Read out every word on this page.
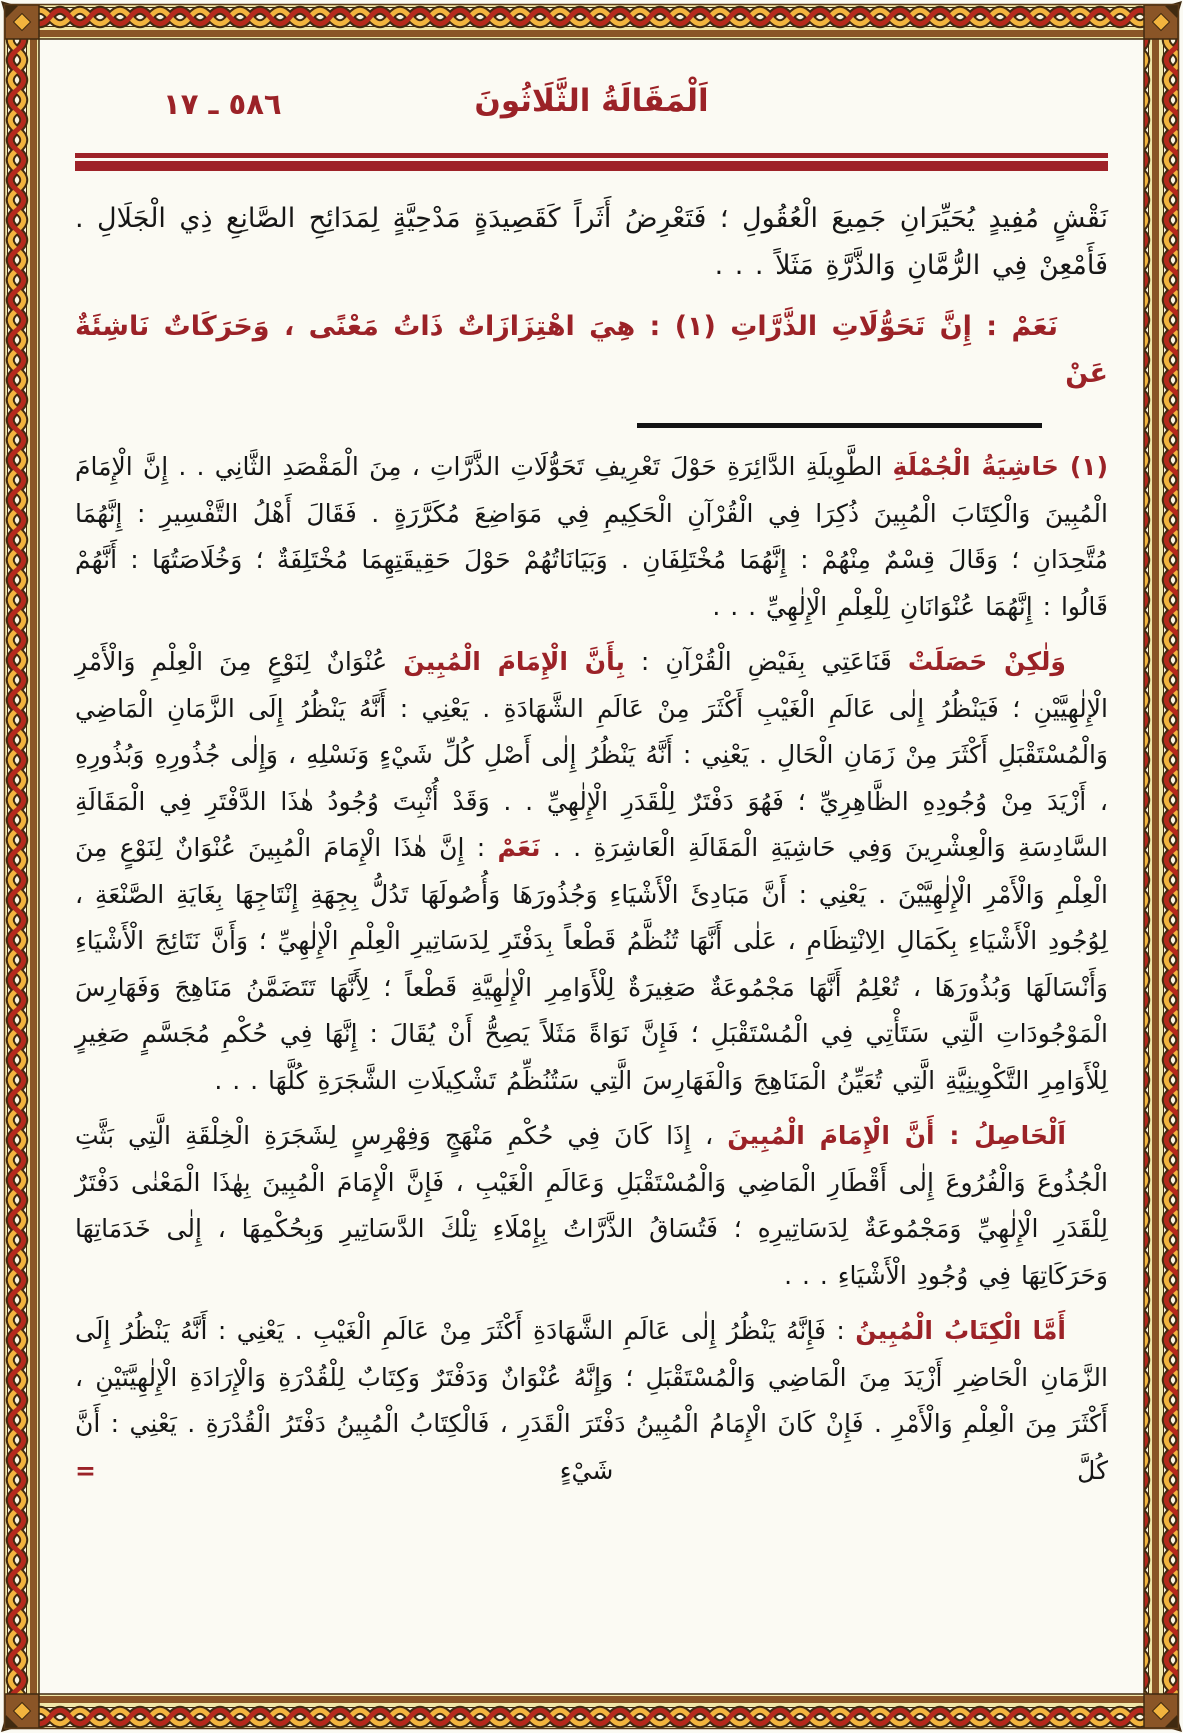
٥٨٦ ـ ١٧	اَلْمَقَالَةُ الثَّلَاثُونَ

نَقْشٍ مُفِيدٍ يُحَيِّرَانِ جَمِيعَ الْعُقُولِ ؛ فَتَعْرِضُ أَثَراً كَقَصِيدَةٍ مَدْحِيَّةٍ لِمَدَائِحِ الصَّانِعِ ذِي الْجَلَالِ . فَأَمْعِنْ فِي الرُّمَّانِ وَالذَّرَّةِ مَثَلاً . . .

نَعَمْ : إِنَّ تَحَوُّلَاتِ الذَّرَّاتِ (١) : هِيَ اهْتِزَازَاتٌ ذَاتُ مَعْنًى ، وَحَرَكَاتٌ نَاشِئَةٌ عَنْ

(١) حَاشِيَةُ الْجُمْلَةِ الطَّوِيلَةِ الدَّائِرَةِ حَوْلَ تَعْرِيفِ تَحَوُّلَاتِ الذَّرَّاتِ ، مِنَ الْمَقْصَدِ الثَّانِي . . إِنَّ الْإِمَامَ الْمُبِينَ وَالْكِتَابَ الْمُبِينَ ذُكِرَا فِي الْقُرْآنِ الْحَكِيمِ فِي مَوَاضِعَ مُكَرَّرَةٍ . فَقَالَ أَهْلُ التَّفْسِيرِ : إِنَّهُمَا مُتَّحِدَانِ ؛ وَقَالَ قِسْمٌ مِنْهُمْ : إِنَّهُمَا مُخْتَلِفَانِ . وَبَيَانَاتُهُمْ حَوْلَ حَقِيقَتِهِمَا مُخْتَلِفَةٌ ؛ وَخُلَاصَتُهَا : أَنَّهُمْ قَالُوا : إِنَّهُمَا عُنْوَانَانِ لِلْعِلْمِ الْإِلٰهِيِّ . . .

وَلٰكِنْ حَصَلَتْ قَنَاعَتِي بِفَيْضِ الْقُرْآنِ : بِأَنَّ الْإِمَامَ الْمُبِينَ عُنْوَانٌ لِنَوْعٍ مِنَ الْعِلْمِ وَالْأَمْرِ الْإِلٰهِيَّيْنِ ؛ فَيَنْظُرُ إِلٰى عَالَمِ الْغَيْبِ أَكْثَرَ مِنْ عَالَمِ الشَّهَادَةِ . يَعْنِي : أَنَّهُ يَنْظُرُ إِلَى الزَّمَانِ الْمَاضِي وَالْمُسْتَقْبَلِ أَكْثَرَ مِنْ زَمَانِ الْحَالِ . يَعْنِي : أَنَّهُ يَنْظُرُ إِلٰى أَصْلِ كُلِّ شَيْءٍ وَنَسْلِهِ ، وَإِلٰى جُذُورِهِ وَبُذُورِهِ ، أَزْيَدَ مِنْ وُجُودِهِ الظَّاهِرِيِّ ؛ فَهُوَ دَفْتَرٌ لِلْقَدَرِ الْإِلٰهِيِّ . . وَقَدْ أُثْبِتَ وُجُودُ هٰذَا الدَّفْتَرِ فِي الْمَقَالَةِ السَّادِسَةِ وَالْعِشْرِينَ وَفِي حَاشِيَةِ الْمَقَالَةِ الْعَاشِرَةِ . . نَعَمْ : إِنَّ هٰذَا الْإِمَامَ الْمُبِينَ عُنْوَانٌ لِنَوْعٍ مِنَ الْعِلْمِ وَالْأَمْرِ الْإِلٰهِيَّيْنَ . يَعْنِي : أَنَّ مَبَادِئَ الْأَشْيَاءِ وَجُذُورَهَا وَأُصُولَهَا تَدُلُّ بِجِهَةِ إِنْتَاجِهَا بِغَايَةِ الصَّنْعَةِ ، لِوُجُودِ الْأَشْيَاءِ بِكَمَالِ الِانْتِظَامِ ، عَلٰى أَنَّهَا تُنُظَّمُ قَطْعاً بِدَفْتَرِ لِدَسَاتِيرِ الْعِلْمِ الْإِلٰهِيِّ ؛ وَأَنَّ نَتَائِجَ الْأَشْيَاءِ وَأَنْسَالَهَا وَبُذُورَهَا ، تُعْلِمُ أَنَّهَا مَجْمُوعَةٌ صَغِيرَةٌ لِلْأَوَامِرِ الْإِلٰهِيَّةِ قَطْعاً ؛ لِأَنَّهَا تَتَضَمَّنُ مَنَاهِجَ وَفَهَارِسَ الْمَوْجُودَاتِ الَّتِي سَتَأْتِي فِي الْمُسْتَقْبَلِ ؛ فَإِنَّ نَوَاةً مَثَلاً يَصِحُّ أَنْ يُقَالَ : إِنَّهَا فِي حُكْمِ مُجَسَّمٍ صَغِيرٍ لِلْأَوَامِرِ التَّكْوِينِيَّةِ الَّتِي تُعَيِّنُ الْمَنَاهِجَ وَالْفَهَارِسَ الَّتِي سَتُنُظِّمُ تَشْكِيلَاتِ الشَّجَرَةِ كُلَّهَا . . .

اَلْحَاصِلُ : أَنَّ الْإِمَامَ الْمُبِينَ ، إِذَا كَانَ فِي حُكْمِ مَنْهَجٍ وَفِهْرِسٍ لِشَجَرَةِ الْخِلْقَةِ الَّتِي بَثَّتِ الْجُذُوعَ وَالْفُرُوعَ إِلٰى أَقْطَارِ الْمَاضِي وَالْمُسْتَقْبَلِ وَعَالَمِ الْغَيْبِ ، فَإِنَّ الْإِمَامَ الْمُبِينَ بِهٰذَا الْمَعْنٰى دَفْتَرٌ لِلْقَدَرِ الْإِلٰهِيِّ وَمَجْمُوعَةٌ لِدَسَاتِيرِهِ ؛ فَتُسَاقُ الذَّرَّاتُ بِإِمْلَاءِ تِلْكَ الدَّسَاتِيرِ وَبِحُكْمِهَا ، إِلٰى خَدَمَاتِهَا وَحَرَكَاتِهَا فِي وُجُودِ الْأَشْيَاءِ . . .

أَمَّا الْكِتَابُ الْمُبِينُ : فَإِنَّهُ يَنْظُرُ إِلٰى عَالَمِ الشَّهَادَةِ أَكْثَرَ مِنْ عَالَمِ الْغَيْبِ . يَعْنِي : أَنَّهُ يَنْظُرُ إِلَى الزَّمَانِ الْحَاضِرِ أَزْيَدَ مِنَ الْمَاضِي وَالْمُسْتَقْبَلِ ؛ وَإِنَّهُ عُنْوَانٌ وَدَفْتَرٌ وَكِتَابٌ لِلْقُدْرَةِ وَالْإِرَادَةِ الْإِلٰهِيَّتَيْنِ ، أَكْثَرَ مِنَ الْعِلْمِ وَالْأَمْرِ . فَإِنْ كَانَ الْإِمَامُ الْمُبِينُ دَفْتَرَ الْقَدَرِ ، فَالْكِتَابُ الْمُبِينُ دَفْتَرُ الْقُدْرَةِ . يَعْنِي : أَنَّ كُلَّ شَيْءٍ =
